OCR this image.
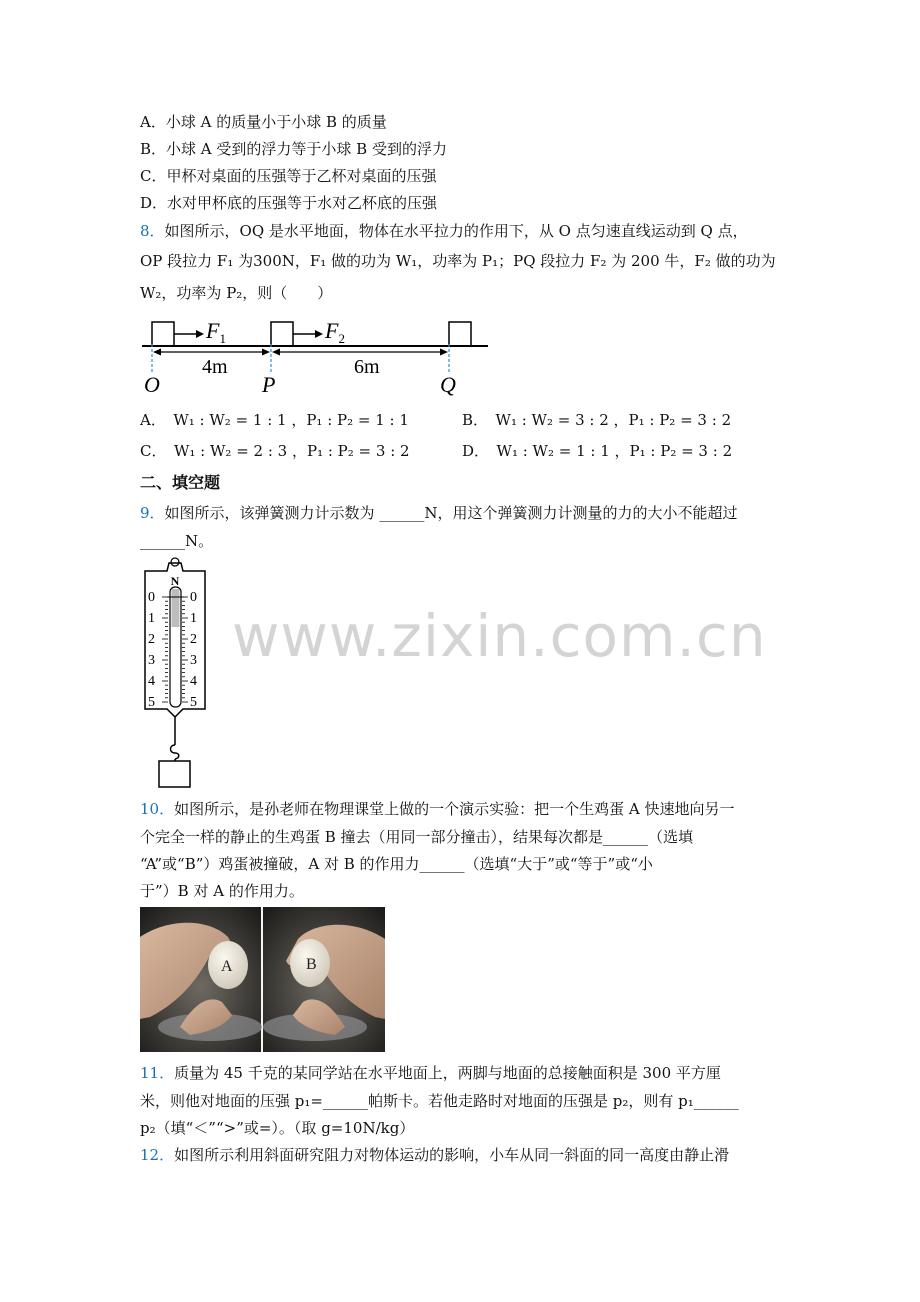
A．小球 A 的质量小于小球 B 的质量
B．小球 A 受到的浮力等于小球 B 受到的浮力
C．甲杯对桌面的压强等于乙杯对桌面的压强
D．水对甲杯底的压强等于水对乙杯底的压强
8．如图所示，OQ 是水平地面，物体在水平拉力的作用下，从 O 点匀速直线运动到 Q 点，
OP 段拉力 F₁ 为300N，F₁ 做的功为 W₁，功率为 P₁；PQ 段拉力 F₂ 为 200 牛，F₂ 做的功为
W₂，功率为 P₂，则（　　）
$F_1$	$F_2$
4m	6m
O	P	Q
A．　W₁ : W₂ = 1 : 1 ，P₁ : P₂ = 1 : 1	B．　W₁ : W₂ = 3 : 2 ，P₁ : P₂ = 3 : 2
C．　W₁ : W₂ = 2 : 3 ，P₁ : P₂ = 3 : 2	D．　W₁ : W₂ = 1 : 1 ，P₁ : P₂ = 3 : 2
二、填空题
9．如图所示，该弹簧测力计示数为 ______N，用这个弹簧测力计测量的力的大小不能超过
______N。
N
0
1
2
3
4
5
0
1
2
3
4
5
www.zixin.com.cn
10．如图所示，是孙老师在物理课堂上做的一个演示实验：把一个生鸡蛋 A 快速地向另一
个完全一样的静止的生鸡蛋 B 撞去（用同一部分撞击），结果每次都是______（选填
“A”或“B”）鸡蛋被撞破，A 对 B 的作用力______（选填“大于”或“等于”或“小
于”）B 对 A 的作用力。
A	B
11．质量为 45 千克的某同学站在水平地面上，两脚与地面的总接触面积是 300 平方厘
米，则他对地面的压强 p₁=______帕斯卡。若他走路时对地面的压强是 p₂，则有 p₁______
p₂（填“＜”“>”或=）。（取 g=10N/kg）
12．如图所示利用斜面研究阻力对物体运动的影响，小车从同一斜面的同一高度由静止滑
